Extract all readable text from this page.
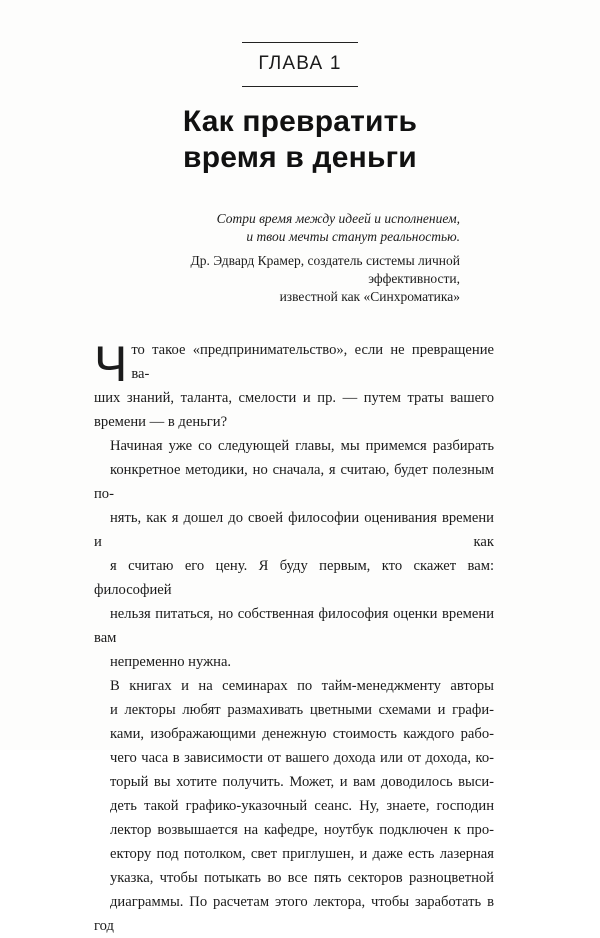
ГЛАВА 1
Как превратить
время в деньги
Сотри время между идеей и исполнением,
и твои мечты станут реальностью.
Др. Эдвард Крамер, создатель системы личной эффективности,
известной как «Синхроматика»

Ч то такое «предпринимательство», если не превращение ва-
ших знаний, таланта, смелости и пр. — путем траты вашего
времени — в деньги?

Начиная уже со следующей главы, мы примемся разбирать
конкретное методики, но сначала, я считаю, будет полезным по-
нять, как я дошел до своей философии оценивания времени и как
я считаю его цену. Я буду первым, кто скажет вам: философией
нельзя питаться, но собственная философия оценки времени вам
непременно нужна.

В книгах и на семинарах по тайм-менеджменту авторы
и лекторы любят размахивать цветными схемами и графи-
ками, изображающими денежную стоимость каждого рабо-
чего часа в зависимости от вашего дохода или от дохода, ко-
торый вы хотите получить. Может, и вам доводилось выси-
деть такой графико-указочный сеанс. Ну, знаете, господин
лектор возвышается на кафедре, ноутбук подключен к про-
ектору под потолком, свет приглушен, и даже есть лазерная
указка, чтобы потыкать во все пять секторов разноцветной
диаграммы. По расчетам этого лектора, чтобы заработать в год
